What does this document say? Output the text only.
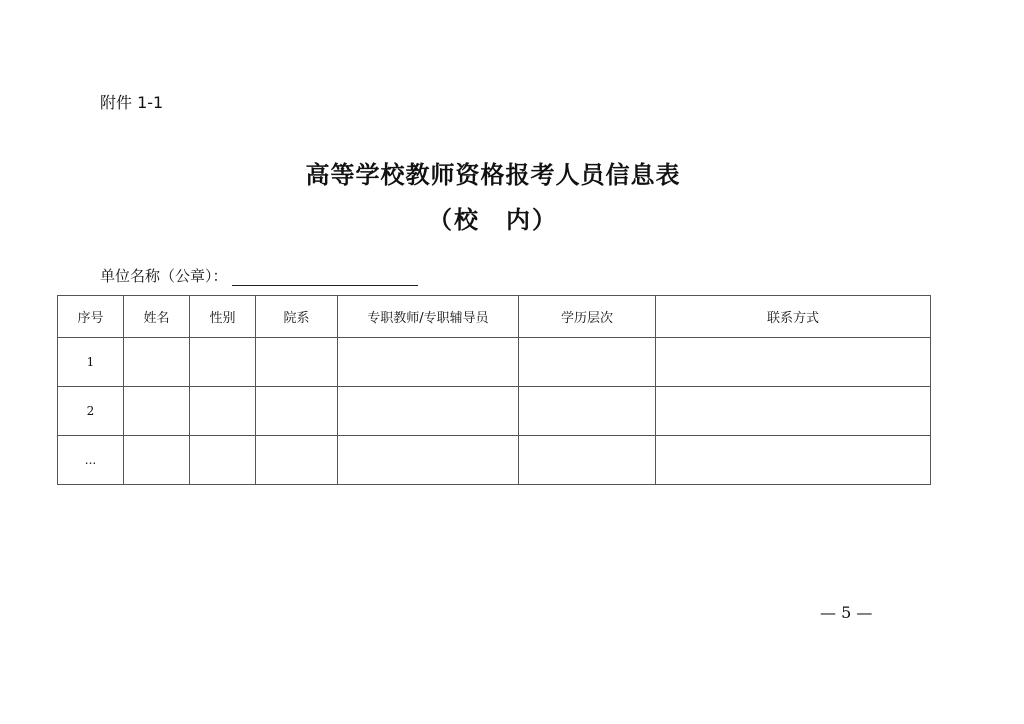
附件 1-1
高等学校教师资格报考人员信息表
（校　内）
单位名称（公章）：
序号	姓名	性别	院系	专职教师/专职辅导员	学历层次	联系方式
1						
2						
...						
— 5 —
